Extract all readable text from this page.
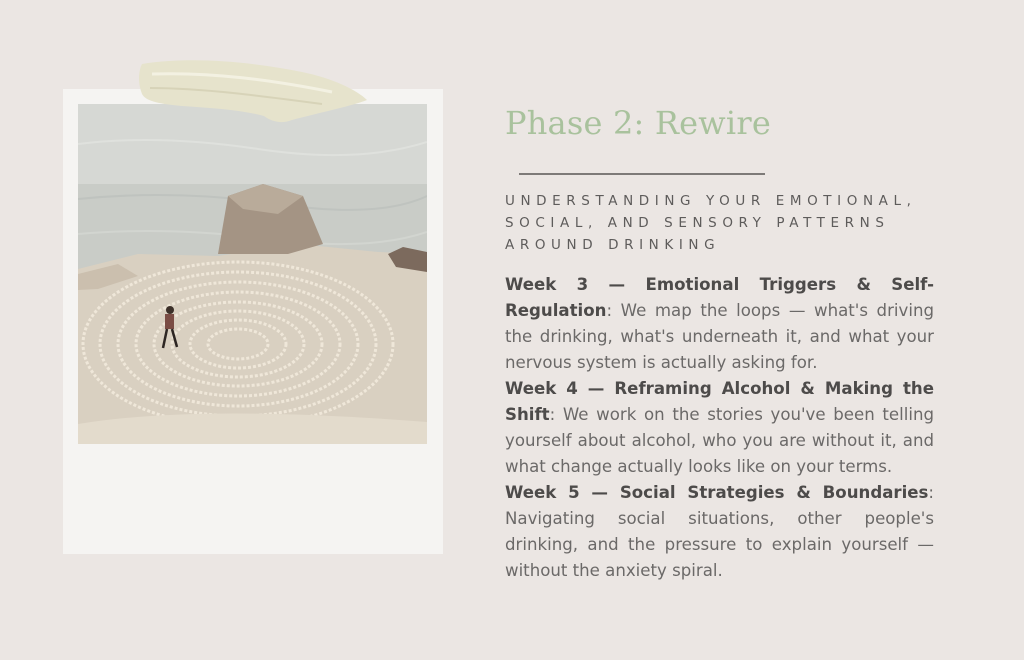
Phase 2: Rewire

UNDERSTANDING YOUR EMOTIONAL, SOCIAL, AND SENSORY PATTERNS AROUND DRINKING

Week 3 — Emotional Triggers & Self-Regulation: We map the loops — what's driving the drinking, what's underneath it, and what your nervous system is actually asking for.

Week 4 — Reframing Alcohol & Making the Shift: We work on the stories you've been telling yourself about alcohol, who you are without it, and what change actually looks like on your terms.

Week 5 — Social Strategies & Boundaries: Navigating social situations, other people's drinking, and the pressure to explain yourself — without the anxiety spiral.
